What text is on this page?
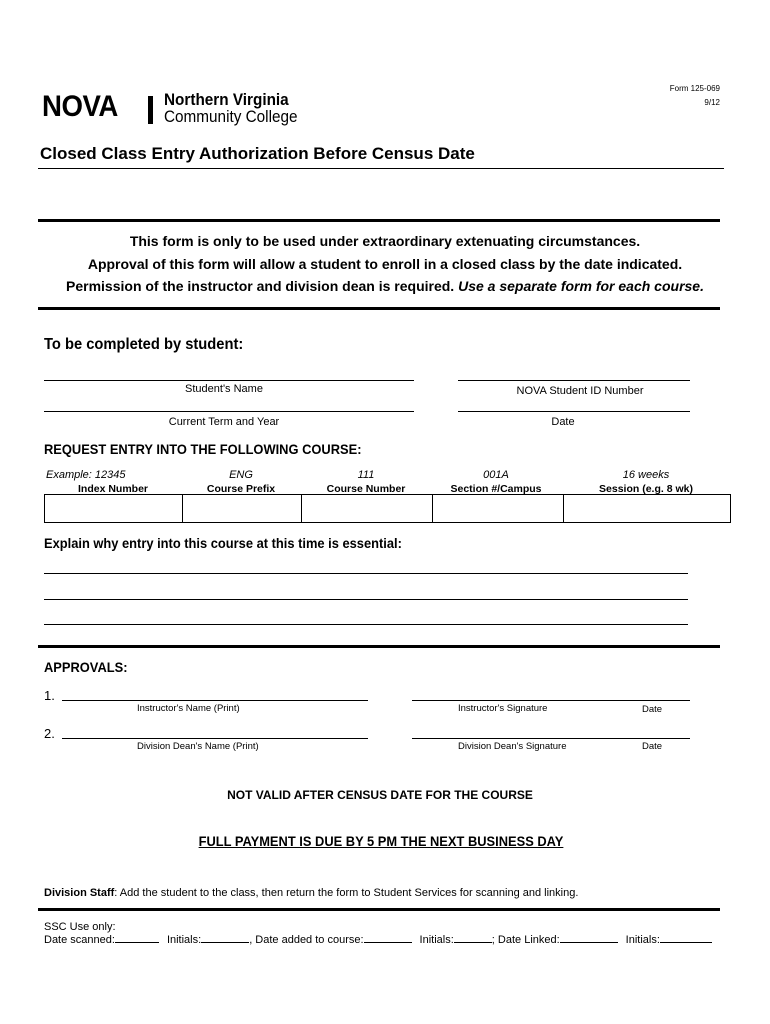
Form 125-069
9/12
NOVA	Northern Virginia
Community College
Closed Class Entry Authorization Before Census Date
This form is only to be used under extraordinary extenuating circumstances.
Approval of this form will allow a student to enroll in a closed class by the date indicated.
Permission of the instructor and division dean is required. Use a separate form for each course.
To be completed by student:
Student's Name	NOVA Student ID Number
Current Term and Year	Date
REQUEST ENTRY INTO THE FOLLOWING COURSE:
Example: 12345	ENG	111	001A	16 weeks
Index Number	Course Prefix	Course Number	Section #/Campus	Session (e.g. 8 wk)

Explain why entry into this course at this time is essential:
APPROVALS:
1.
Instructor's Name (Print)	Instructor's Signature	Date
2.
Division Dean's Name (Print)	Division Dean's Signature	Date
NOT VALID AFTER CENSUS DATE FOR THE COURSE
FULL PAYMENT IS DUE BY 5 PM THE NEXT BUSINESS DAY
Division Staff: Add the student to the class, then return the form to Student Services for scanning and linking.
SSC Use only:
Date scanned:	Initials:	, Date added to course:	Initials:	; Date Linked:	Initials:
